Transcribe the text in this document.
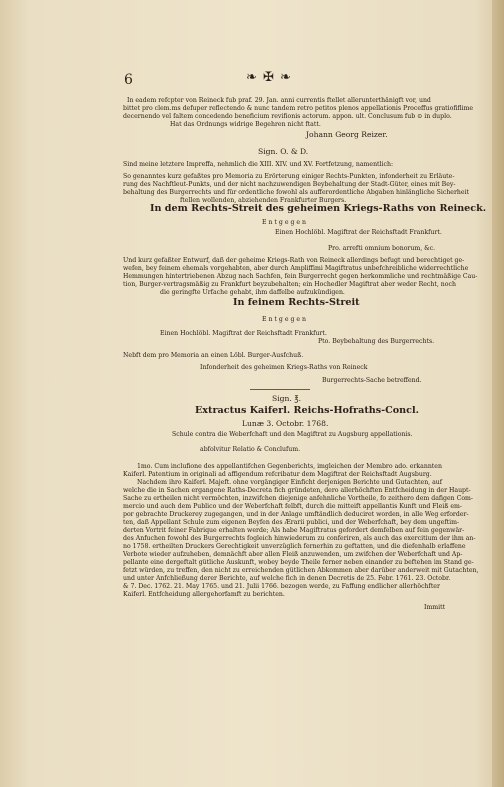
6	❧ ✠ ❧
In eadem refcpter von Reineck fub praf. 29. Jan. anni currentis ftellet allerunterthänigft vor, und
bittet pro clem.ms defuper reflectendo & nunc tandem retro petitos plenos appellationis Proceffus gratiofiflime
decernendo vel faltem concedendo beneficium revifionis actorum. appon. ult. Conclusum fub ⊙ in duplo.
Hat das Ordnungs widrige Begehren nicht ftatt.
Sind meine letztere Impreffa, nehmlich die XIII. XIV. und XV. Fortfetzung, namentlich:
So genanntes kurz gefaßtes pro Memoria zu Erörterung einiger Rechts-Punkten, infonderheit zu Erläute-
rung des Nachftleut-Punkts, und der nicht nachzuwendigen Beybehaltung der Stadt-Güter, eines mit Bey-
behaltung des Burgerrechts und für ordentliche fowohl als aufferordentliche Abgaben hinlängliche Sicherheit
ftellen wollenden, abziehenden Frankfurter Burgers.
Einen Hochlöbl. Magiftrat der Reichsftadt Frankfurt.
Pro. arrefti omnium bonorum, &c.
Und kurz gefaßter Entwurf, daß der geheime Kriegs-Rath von Reineck allerdings befugt und berechtiget ge-
wefen, bey feinem ehemals vorgehabten, aber durch Ampliffimi Magiftratus unbefchreibliche widerrechtliche
Hemmungen hintertriebenen Abzug nach Sachfen, fein Burgerrecht gegen herkommliche und rechtmäßige Cau-
tion, Burger-vertragsmäßig zu Frankfurt beyzubehalten; ein Hochedler Magiftrat aber weder Recht, noch
die geringfte Urfache gehabt, ihm daffelbe aufzukündigen.
Einen Hochlöbl. Magiftrat der Reichsftadt Frankfurt.
Pto. Beybehaltung des Burgerrechts.
Nebft dem pro Memoria an einen Löbl. Burger-Ausfchuß.
Infonderheit des geheimen Kriegs-Raths von Reineck
Burgerrechts-Sache betreffend.
Schule contra die Weberfchaft und den Magiftrat zu Augsburg appellationis.
abfolvitur Relatio & Conclufum.
1mo. Cum inclufione des appellantifchen Gegenberichts, imgleichen der Membro ado. erkannten
Kaiferl. Patentium in originali ad affigendum refcribatur dem Magiftrat der Reichsftadt Augsburg.
Nachdem ihro Kaiferl. Majeft. ohne vorgängiger Einficht derjenigen Berichte und Gutachten, auf
welche die in Sachen ergangene Raths-Decreta fich gründeten, dero allerhöchften Entfcheidung in der Haupt-
Sache zu ertheilen nicht vermöchten, inzwifchen diejenige anfehnliche Vortheile, fo zeithero dem dafigen Com-
mercio und auch dem Publico und der Weberfchaft felbft, durch die mitteift appellantis Kunft und Fleiß em-
por gebrachte Druckerey zugegangen, und in der Anlage umftändlich deduciret worden, in alle Weg erforder-
ten, daß Appellant Schule zum eigenen Beyfen des Ærarii publici, und der Weberfchaft, bey dem ungeftim-
derten Vortrit feiner Fabrique erhalten werde; Als habe Magiftratus gefordert demfelben auf fein gegenwär-
des Anfuchen fowohl des Burgerrechts fogleich hinwiederum zu conferiren, als auch das exercitium der ihm an-
no 1758. ertheilten Druckers Gerechtigkeit unverzüglich fernerhin zu geftatten, und die diefenhalb erlaffene
Verbote wieder aufzuheben, demnächft aber allen Fleiß anzuwenden, um zwifchen der Weberfchaft und Ap-
pellante eine dergeftalt gütliche Auskunft, wobey beyde Theile ferner neben einander zu beftehen im Stand ge-
fetzt würden, zu treffen, den nicht zu erreichenden gütlichen Abkommen aber darüber anderweit mit Gutachten,
und unter Anfchließung derer Berichte, auf welche fich in denen Decretis de 25. Febr. 1761. 23. Octobr.
& 7. Dec. 1762. 21. May 1765. und 21. Julii 1766. bezogen werde, zu Faffung endlicher allerhöchfter
Kaiferl. Entfcheidung allergehorfamft zu berichten.
Immitt
Johann Georg Reizer.
Sign. O. & D.
In dem Rechts-Streit des geheimen Kriegs-Raths von Reineck.
E n t g e g e n
In feinem Rechts-Streit
E n t g e g e n
Sign. ℥.
Extractus Kaiferl. Reichs-Hofraths-Concl.
Lunæ 3. Octobr. 1768.
